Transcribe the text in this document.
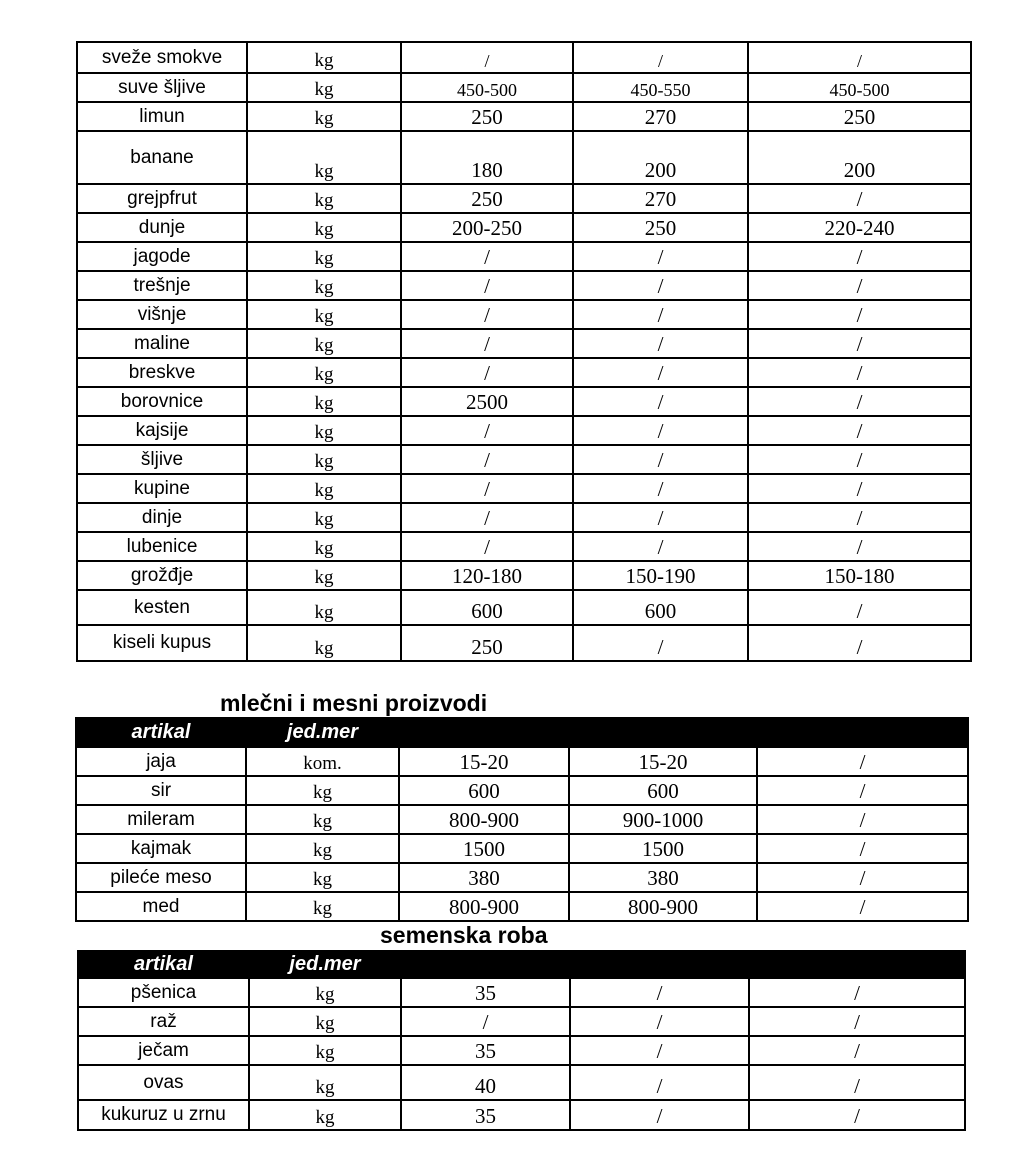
sveže smokve	kg	/	/	/
suve šljive	kg	450-500	450-550	450-500
limun	kg	250	270	250
banane	kg	180	200	200
grejpfrut	kg	250	270	/
dunje	kg	200-250	250	220-240
jagode	kg	/	/	/
trešnje	kg	/	/	/
višnje	kg	/	/	/
maline	kg	/	/	/
breskve	kg	/	/	/
borovnice	kg	2500	/	/
kajsije	kg	/	/	/
šljive	kg	/	/	/
kupine	kg	/	/	/
dinje	kg	/	/	/
lubenice	kg	/	/	/
grožđje	kg	120-180	150-190	150-180
kesten	kg	600	600	/
kiseli kupus	kg	250	/	/
mlečni i mesni proizvodi
artikal	jed.mer			
jaja	kom.	15-20	15-20	/
sir	kg	600	600	/
mileram	kg	800-900	900-1000	/
kajmak	kg	1500	1500	/
pileće meso	kg	380	380	/
med	kg	800-900	800-900	/
semenska roba
artikal	jed.mer			
pšenica	kg	35	/	/
raž	kg	/	/	/
ječam	kg	35	/	/
ovas	kg	40	/	/
kukuruz u zrnu	kg	35	/	/
